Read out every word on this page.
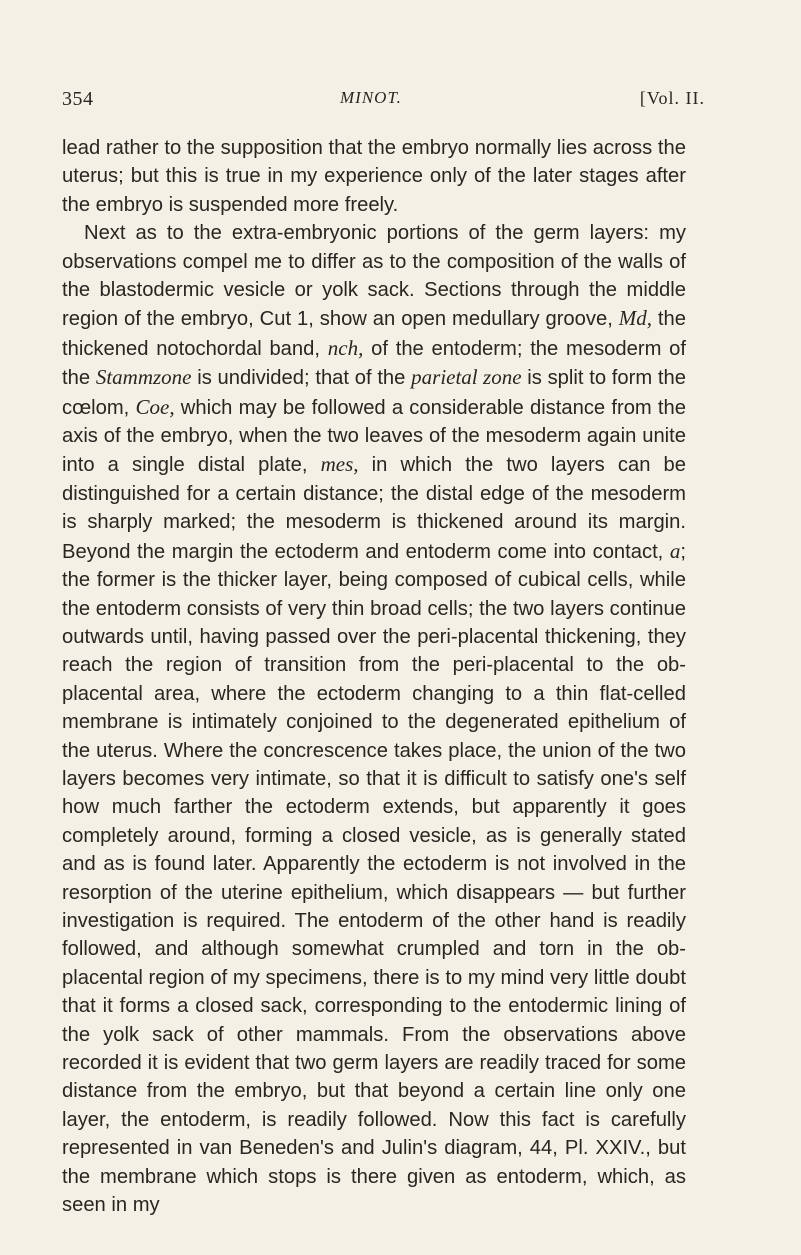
354	MINOT.	[Vol. II.

lead rather to the supposition that the embryo normally lies across the uterus; but this is true in my experience only of the later stages after the embryo is suspended more freely.

Next as to the extra-embryonic portions of the germ layers: my observations compel me to differ as to the composition of the walls of the blastodermic vesicle or yolk sack. Sections through the middle region of the embryo, Cut 1, show an open medullary groove, Md, the thickened notochordal band, nch, of the entoderm; the mesoderm of the Stammzone is undivided; that of the parietal zone is split to form the cœlom, Coe, which may be followed a considerable distance from the axis of the embryo, when the two leaves of the mesoderm again unite into a single distal plate, mes, in which the two layers can be distinguished for a certain distance; the distal edge of the mesoderm is sharply marked; the mesoderm is thickened around its margin. Beyond the margin the ectoderm and entoderm come into contact, a; the former is the thicker layer, being composed of cubical cells, while the entoderm consists of very thin broad cells; the two layers continue outwards until, having passed over the peri-placental thickening, they reach the region of transition from the peri-placental to the ob-placental area, where the ectoderm changing to a thin flat-celled membrane is intimately conjoined to the degenerated epithelium of the uterus. Where the concrescence takes place, the union of the two layers becomes very intimate, so that it is difficult to satisfy one's self how much farther the ectoderm extends, but apparently it goes completely around, forming a closed vesicle, as is generally stated and as is found later. Apparently the ectoderm is not involved in the resorption of the uterine epithelium, which disappears — but further investigation is required. The entoderm of the other hand is readily followed, and although somewhat crumpled and torn in the ob-placental region of my specimens, there is to my mind very little doubt that it forms a closed sack, corresponding to the entodermic lining of the yolk sack of other mammals. From the observations above recorded it is evident that two germ layers are readily traced for some distance from the embryo, but that beyond a certain line only one layer, the entoderm, is readily followed. Now this fact is carefully represented in van Beneden's and Julin's diagram, 44, Pl. XXIV., but the membrane which stops is there given as entoderm, which, as seen in my
